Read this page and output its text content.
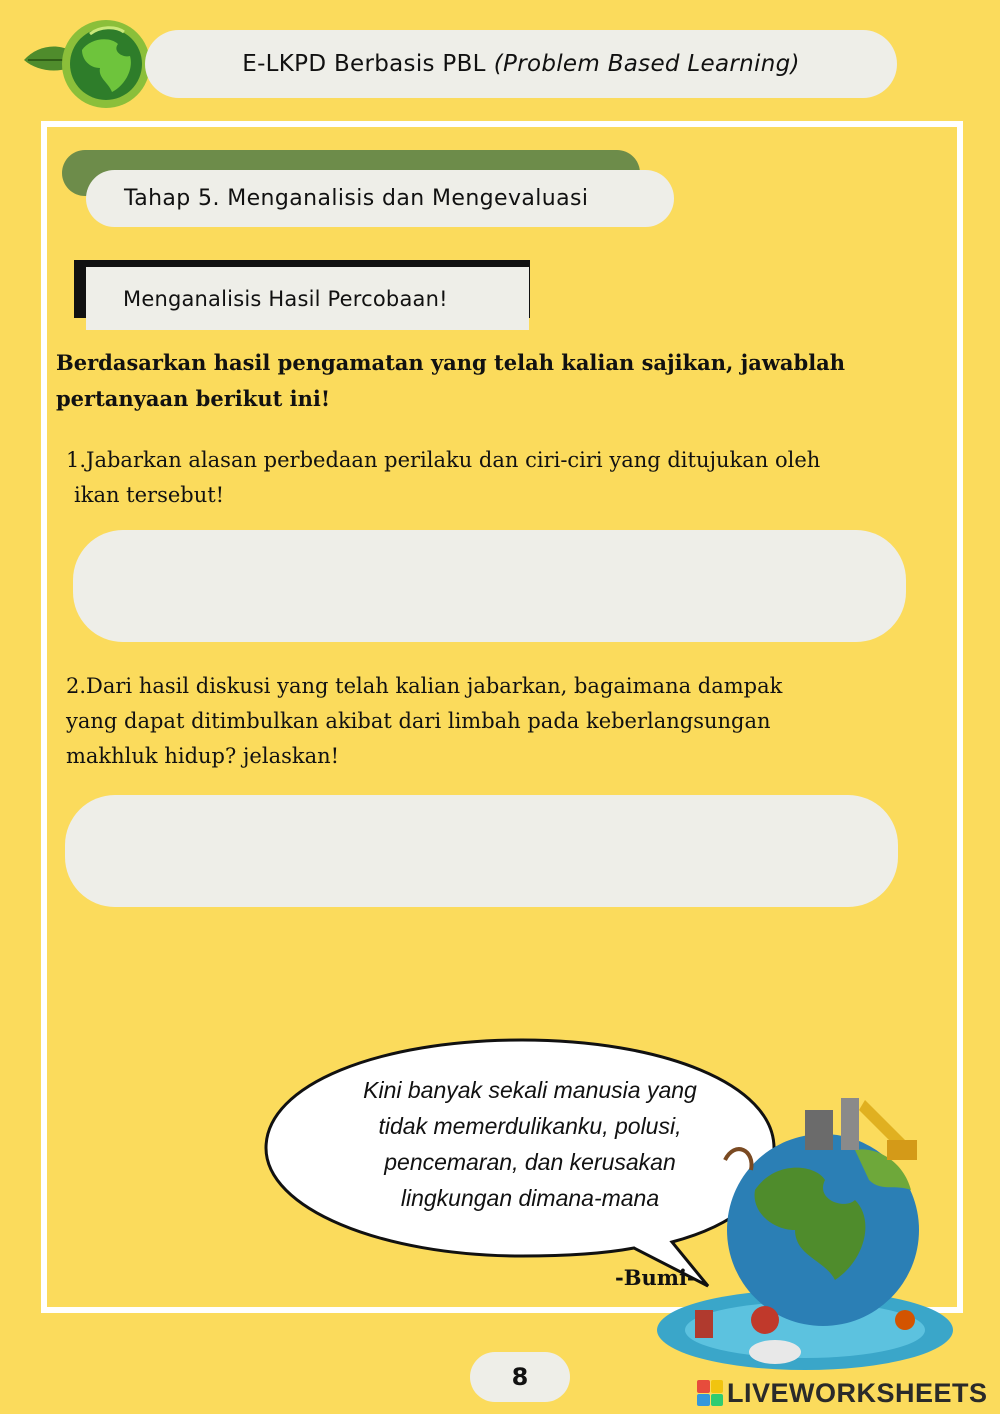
E-LKPD Berbasis PBL (Problem Based Learning)
Tahap 5. Menganalisis dan Mengevaluasi
Menganalisis Hasil Percobaan!
Berdasarkan hasil pengamatan yang telah kalian sajikan, jawablah
pertanyaan berikut ini!
1.Jabarkan alasan perbedaan perilaku dan ciri-ciri yang ditujukan oleh
ikan tersebut!
2.Dari hasil diskusi yang telah kalian jabarkan, bagaimana dampak
yang dapat ditimbulkan akibat dari limbah pada keberlangsungan
makhluk hidup? jelaskan!
Kini banyak sekali manusia yang
tidak memerdulikanku, polusi,
pencemaran, dan kerusakan
lingkungan dimana-mana
-Bumi-
8
LIVEWORKSHEETS
